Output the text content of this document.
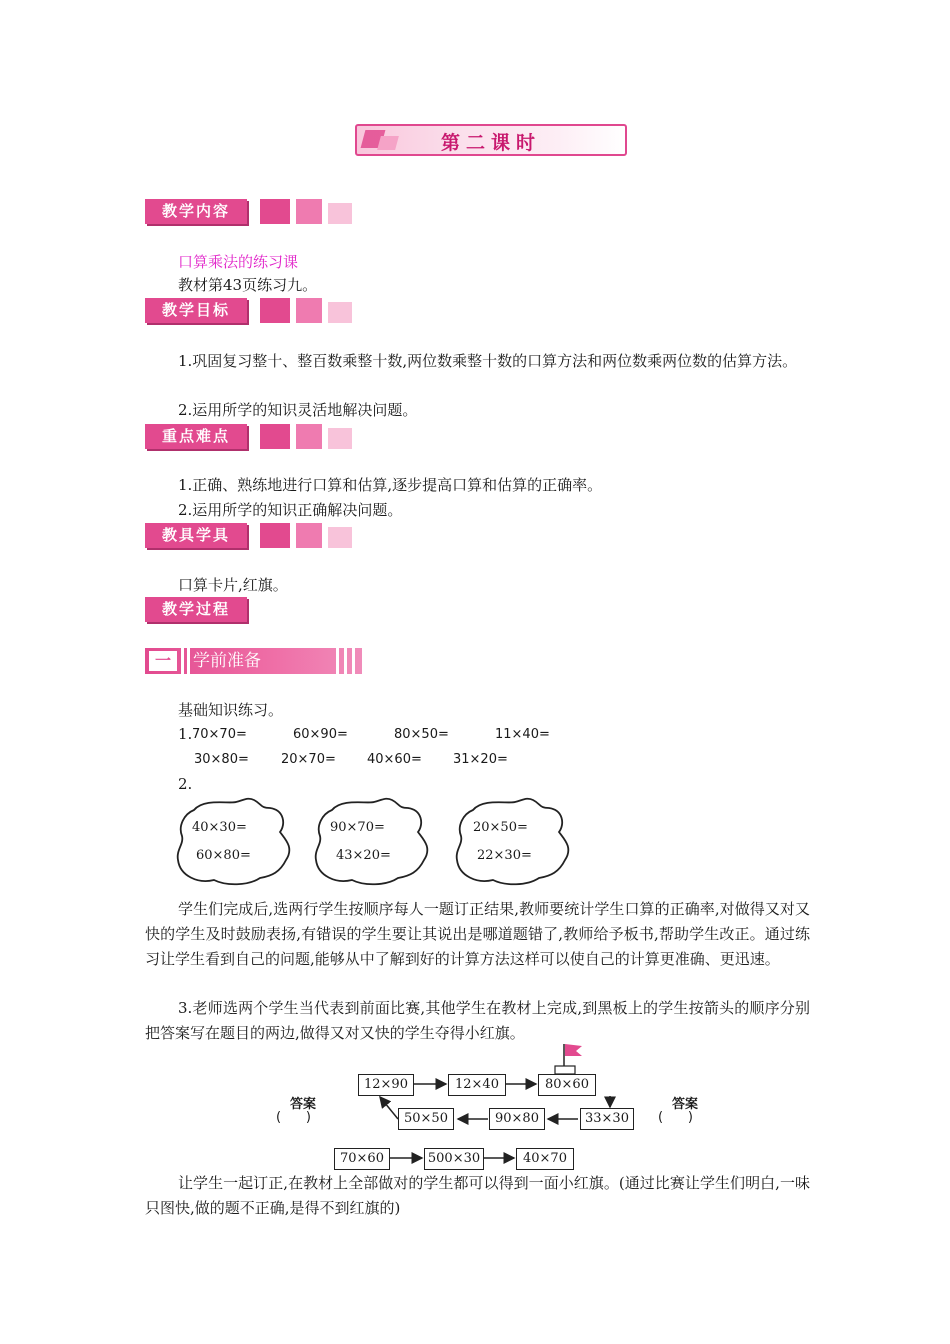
第二课时
教学内容
口算乘法的练习课
教材第43页练习九。
教学目标
1.巩固复习整十、整百数乘整十数,两位数乘整十数的口算方法和两位数乘两位数的估算方法。
2.运用所学的知识灵活地解决问题。
重点难点
1.正确、熟练地进行口算和估算,逐步提高口算和估算的正确率。
2.运用所学的知识正确解决问题。
教具学具
口算卡片,红旗。
教学过程
一	学前准备
基础知识练习。
1. 70×70=	60×90=	80×50=	11×40=
30×80= 20×70= 40×60= 31×20=
2.
40×30=
60×80=
90×70=
43×20=
20×50=
22×30=
学生们完成后,选两行学生按顺序每人一题订正结果,教师要统计学生口算的正确率,对做得又对又快的学生及时鼓励表扬,有错误的学生要让其说出是哪道题错了,教师给予板书,帮助学生改正。通过练习让学生看到自己的问题,能够从中了解到好的计算方法这样可以使自己的计算更准确、更迅速。
3.老师选两个学生当代表到前面比赛,其他学生在教材上完成,到黑板上的学生按箭头的顺序分别把答案写在题目的两边,做得又对又快的学生夺得小红旗。
12×90	12×40	80×60
50×50	90×80	33×30
70×60	500×30	40×70
答案
(      )
答案
(      )
让学生一起订正,在教材上全部做对的学生都可以得到一面小红旗。(通过比赛让学生们明白,一味只图快,做的题不正确,是得不到红旗的)
